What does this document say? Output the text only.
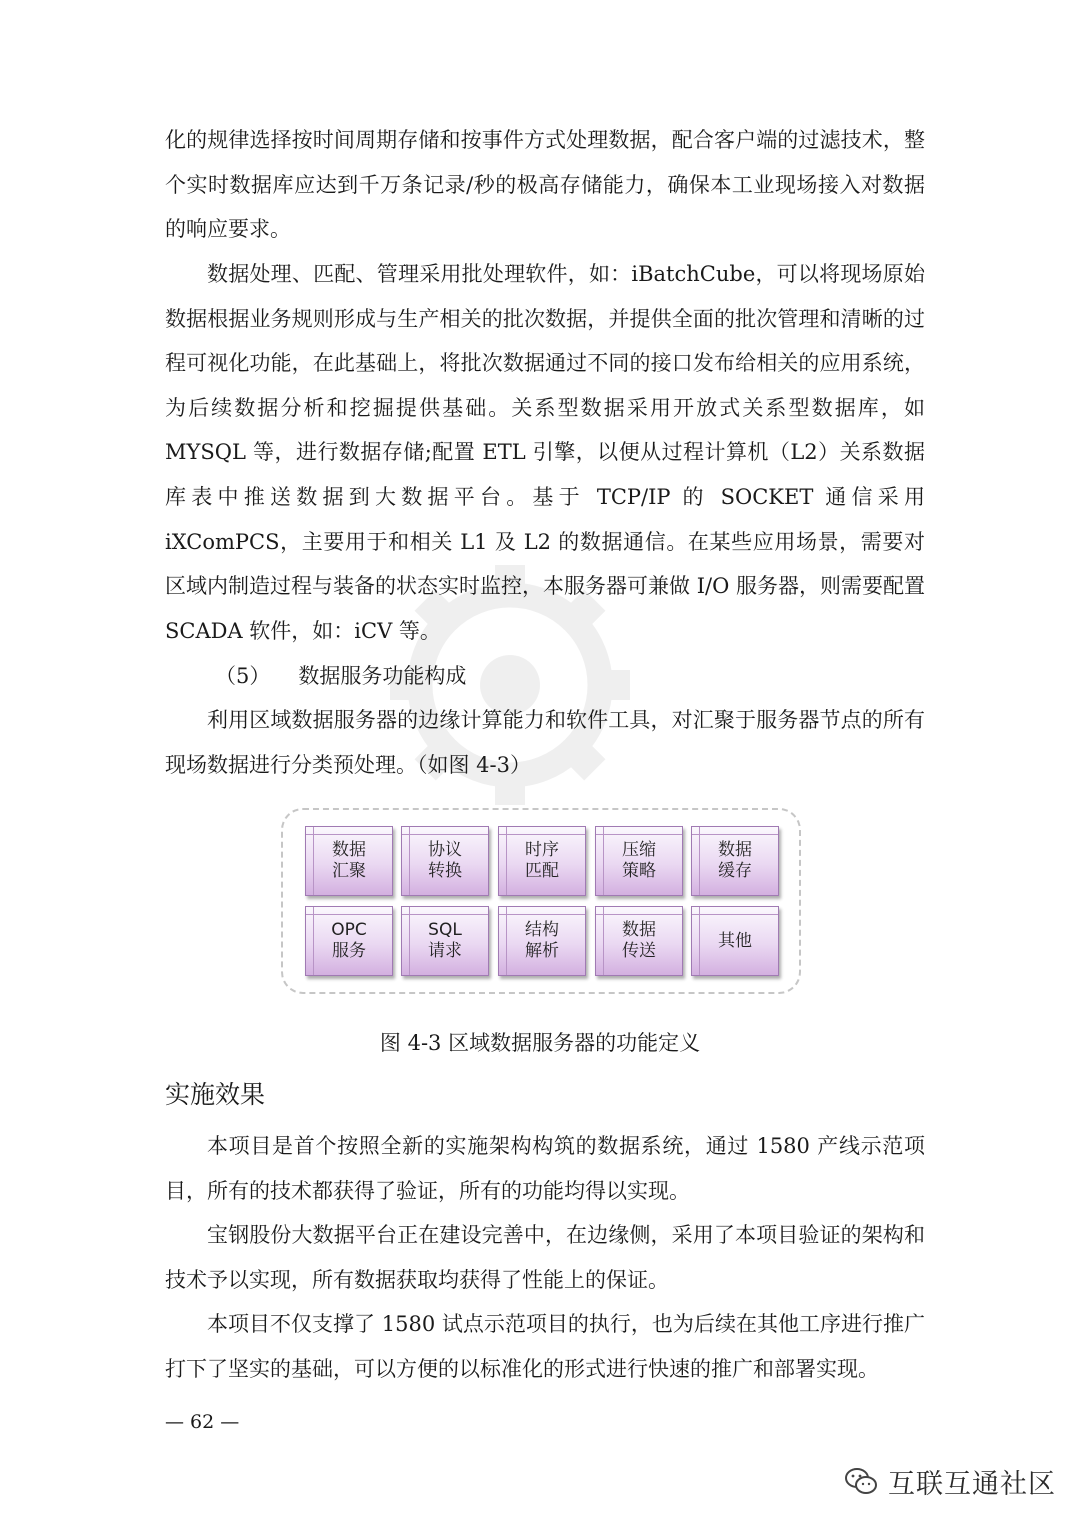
化的规律选择按时间周期存储和按事件方式处理数据，配合客户端的过滤技术，整个实时数据库应达到千万条记录/秒的极高存储能力，确保本工业现场接入对数据的响应要求。

数据处理、匹配、管理采用批处理软件，如：iBatchCube，可以将现场原始数据根据业务规则形成与生产相关的批次数据，并提供全面的批次管理和清晰的过程可视化功能，在此基础上，将批次数据通过不同的接口发布给相关的应用系统，为后续数据分析和挖掘提供基础。关系型数据采用开放式关系型数据库，如MYSQL 等，进行数据存储;配置 ETL 引擎，以便从过程计算机（L2）关系数据库表中推送数据到大数据平台。基于 TCP/IP 的 SOCKET 通信采用 iXComPCS，主要用于和相关 L1 及 L2 的数据通信。在某些应用场景，需要对区域内制造过程与装备的状态实时监控，本服务器可兼做 I/O 服务器，则需要配置 SCADA 软件，如：iCV 等。

（5） 数据服务功能构成

利用区域数据服务器的边缘计算能力和软件工具，对汇聚于服务器节点的所有现场数据进行分类预处理。（如图 4-3）

数据
汇聚
协议
转换
时序
匹配
压缩
策略
数据
缓存
OPC
服务
SQL
请求
结构
解析
数据
传送
其他

图 4-3 区域数据服务器的功能定义

实施效果

本项目是首个按照全新的实施架构构筑的数据系统，通过 1580 产线示范项目，所有的技术都获得了验证，所有的功能均得以实现。

宝钢股份大数据平台正在建设完善中，在边缘侧，采用了本项目验证的架构和技术予以实现，所有数据获取均获得了性能上的保证。

本项目不仅支撑了 1580 试点示范项目的执行，也为后续在其他工序进行推广打下了坚实的基础，可以方便的以标准化的形式进行快速的推广和部署实现。

— 62 —
互联互通社区
